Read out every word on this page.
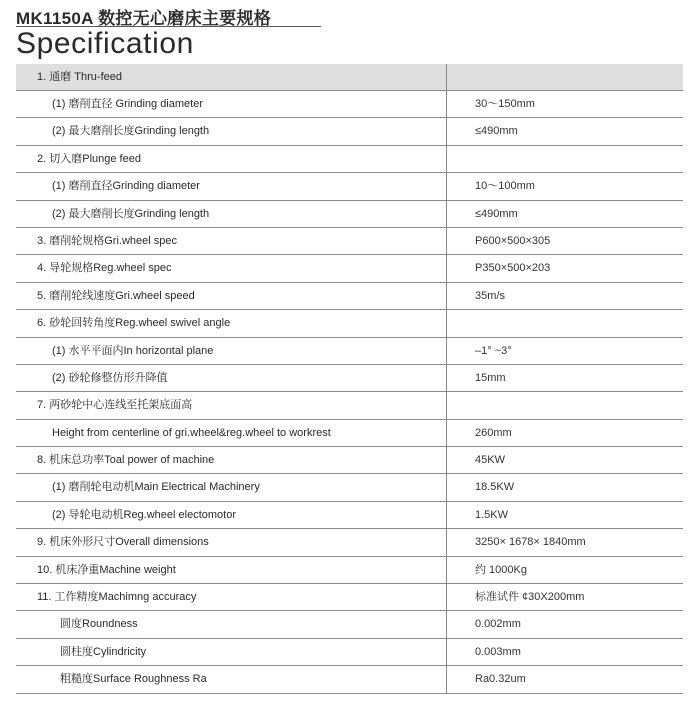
MK1150A 数控无心磨床主要规格
Specification
1. 通磨 Thru-feed
(1) 磨削直径 Grinding diameter	30～150mm
(2) 最大磨削长度Grinding length	≤490mm
2. 切入磨Plunge feed
(1) 磨削直径Grinding diameter	10～100mm
(2) 最大磨削长度Grinding length	≤490mm
3. 磨削轮规格Gri.wheel spec	P600×500×305
4. 导轮规格Reg.wheel spec	P350×500×203
5. 磨削轮线速度Gri.wheel speed	35m/s
6. 砂轮回转角度Reg.wheel swivel angle
(1) 水平平面内In horizontal plane	–1° ~3°
(2) 砂轮修整仿形升降值	15mm
7. 两砂轮中心连线至托架底面高
Height from centerline of gri.wheel&reg.wheel to workrest	260mm
8. 机床总功率Toal power of machine	45KW
(1) 磨削轮电动机Main Electrical Machinery	18.5KW
(2) 导轮电动机Reg.wheel electomotor	1.5KW
9. 机床外形尺寸Overall dimensions	3250× 1678× 1840mm
10. 机床净重Machine weight	约 1000Kg
11. 工作精度Machimng accuracy	标准试件 ¢30X200mm
圆度Roundness	0.002mm
圆柱度Cylindricity	0.003mm
粗糙度Surface Roughness Ra	Ra0.32um
